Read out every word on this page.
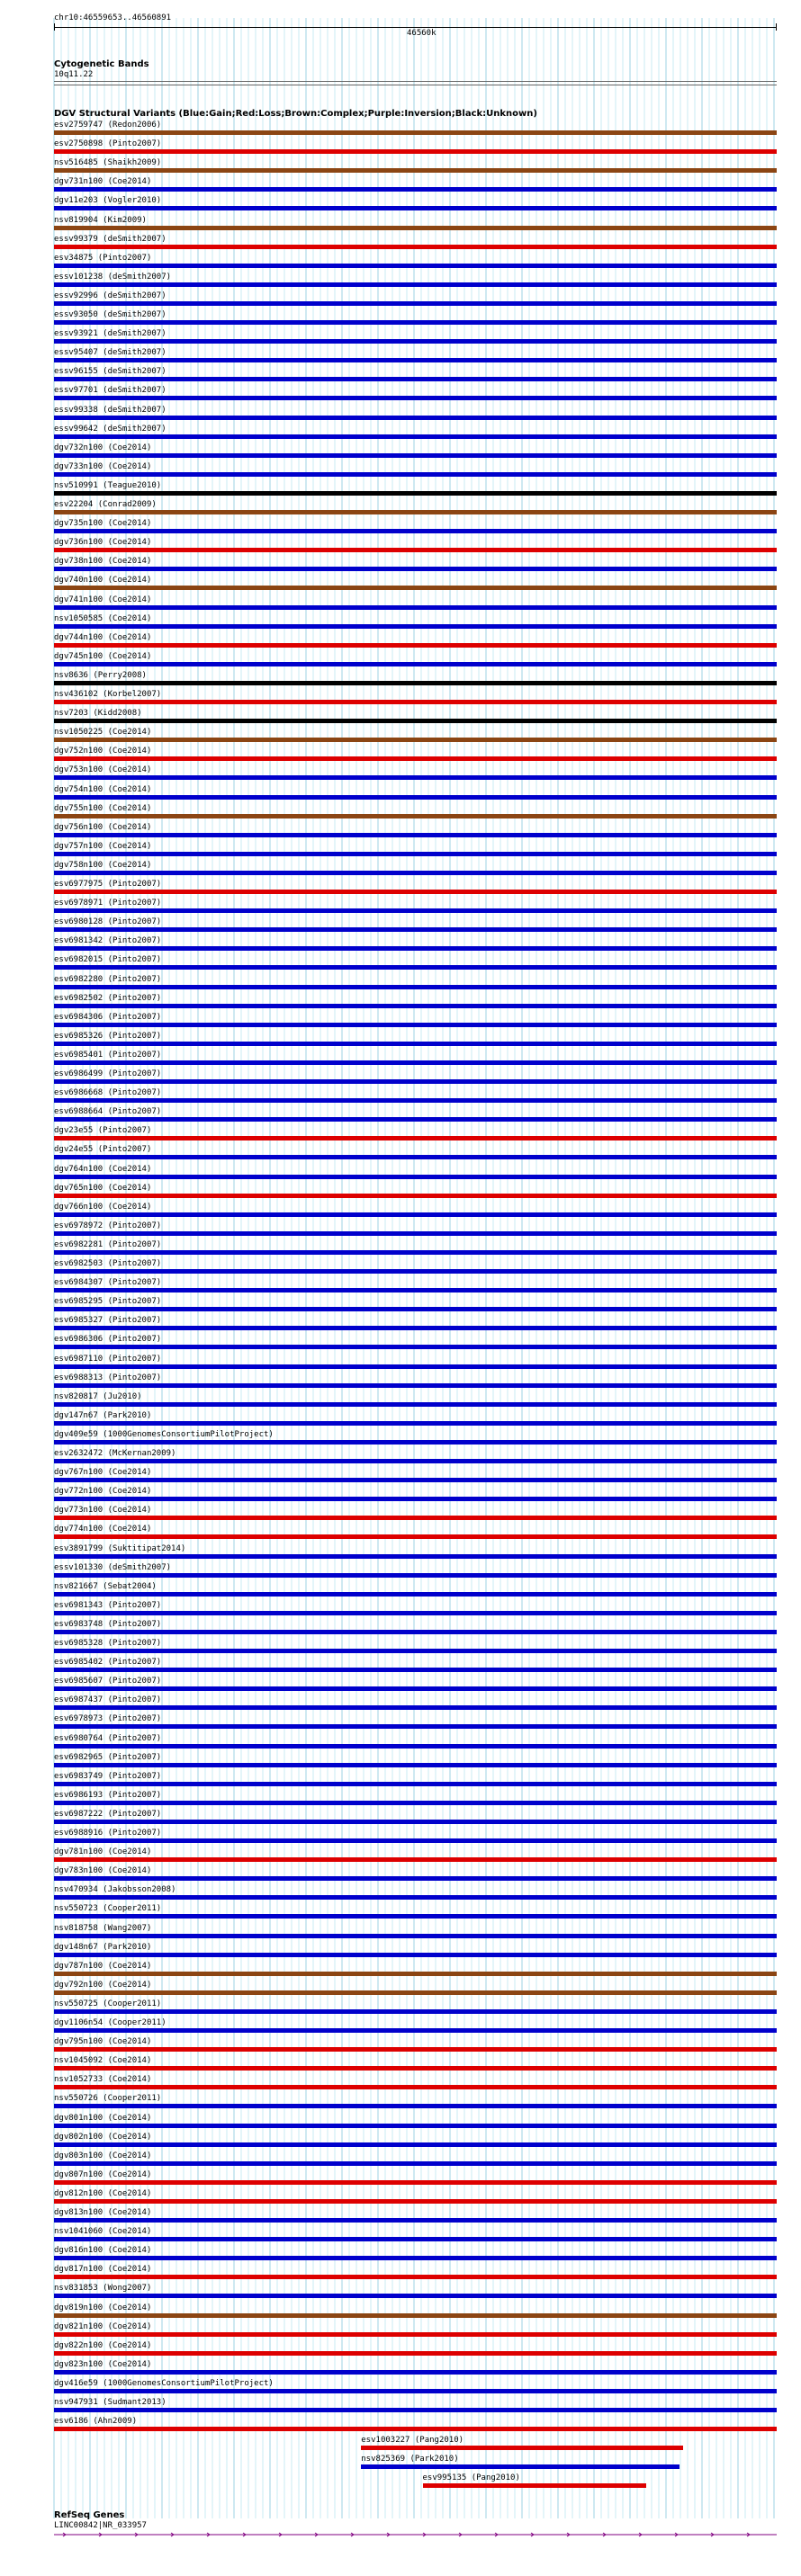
chr10:46559653..46560891
46560k
Cytogenetic Bands
10q11.22
DGV Structural Variants (Blue:Gain;Red:Loss;Brown:Complex;Purple:Inversion;Black:Unknown)
esv2759747 (Redon2006)
esv2750898 (Pinto2007)
nsv516485 (Shaikh2009)
dgv731n100 (Coe2014)
dgv11e203 (Vogler2010)
nsv819904 (Kim2009)
essv99379 (deSmith2007)
esv34875 (Pinto2007)
essv101238 (deSmith2007)
essv92996 (deSmith2007)
essv93050 (deSmith2007)
essv93921 (deSmith2007)
essv95407 (deSmith2007)
essv96155 (deSmith2007)
essv97701 (deSmith2007)
essv99338 (deSmith2007)
essv99642 (deSmith2007)
dgv732n100 (Coe2014)
dgv733n100 (Coe2014)
nsv510991 (Teague2010)
esv22204 (Conrad2009)
dgv735n100 (Coe2014)
dgv736n100 (Coe2014)
dgv738n100 (Coe2014)
dgv740n100 (Coe2014)
dgv741n100 (Coe2014)
nsv1050585 (Coe2014)
dgv744n100 (Coe2014)
dgv745n100 (Coe2014)
nsv8636 (Perry2008)
nsv436102 (Korbel2007)
nsv7203 (Kidd2008)
nsv1050225 (Coe2014)
dgv752n100 (Coe2014)
dgv753n100 (Coe2014)
dgv754n100 (Coe2014)
dgv755n100 (Coe2014)
dgv756n100 (Coe2014)
dgv757n100 (Coe2014)
dgv758n100 (Coe2014)
esv6977975 (Pinto2007)
esv6978971 (Pinto2007)
esv6980128 (Pinto2007)
esv6981342 (Pinto2007)
esv6982015 (Pinto2007)
esv6982280 (Pinto2007)
esv6982502 (Pinto2007)
esv6984306 (Pinto2007)
esv6985326 (Pinto2007)
esv6985401 (Pinto2007)
esv6986499 (Pinto2007)
esv6986668 (Pinto2007)
esv6988664 (Pinto2007)
dgv23e55 (Pinto2007)
dgv24e55 (Pinto2007)
dgv764n100 (Coe2014)
dgv765n100 (Coe2014)
dgv766n100 (Coe2014)
esv6978972 (Pinto2007)
esv6982281 (Pinto2007)
esv6982503 (Pinto2007)
esv6984307 (Pinto2007)
esv6985295 (Pinto2007)
esv6985327 (Pinto2007)
esv6986306 (Pinto2007)
esv6987110 (Pinto2007)
esv6988313 (Pinto2007)
nsv820817 (Ju2010)
dgv147n67 (Park2010)
dgv409e59 (1000GenomesConsortiumPilotProject)
esv2632472 (McKernan2009)
dgv767n100 (Coe2014)
dgv772n100 (Coe2014)
dgv773n100 (Coe2014)
dgv774n100 (Coe2014)
esv3891799 (Suktitipat2014)
essv101330 (deSmith2007)
nsv821667 (Sebat2004)
esv6981343 (Pinto2007)
esv6983748 (Pinto2007)
esv6985328 (Pinto2007)
esv6985402 (Pinto2007)
esv6985607 (Pinto2007)
esv6987437 (Pinto2007)
esv6978973 (Pinto2007)
esv6980764 (Pinto2007)
esv6982965 (Pinto2007)
esv6983749 (Pinto2007)
esv6986193 (Pinto2007)
esv6987222 (Pinto2007)
esv6988916 (Pinto2007)
dgv781n100 (Coe2014)
dgv783n100 (Coe2014)
nsv470934 (Jakobsson2008)
nsv550723 (Cooper2011)
nsv818758 (Wang2007)
dgv148n67 (Park2010)
dgv787n100 (Coe2014)
dgv792n100 (Coe2014)
nsv550725 (Cooper2011)
dgv1106n54 (Cooper2011)
dgv795n100 (Coe2014)
nsv1045092 (Coe2014)
nsv1052733 (Coe2014)
nsv550726 (Cooper2011)
dgv801n100 (Coe2014)
dgv802n100 (Coe2014)
dgv803n100 (Coe2014)
dgv807n100 (Coe2014)
dgv812n100 (Coe2014)
dgv813n100 (Coe2014)
nsv1041060 (Coe2014)
dgv816n100 (Coe2014)
dgv817n100 (Coe2014)
nsv831853 (Wong2007)
dgv819n100 (Coe2014)
dgv821n100 (Coe2014)
dgv822n100 (Coe2014)
dgv823n100 (Coe2014)
dgv416e59 (1000GenomesConsortiumPilotProject)
nsv947931 (Sudmant2013)
esv6186 (Ahn2009)
esv1003227 (Pang2010)
nsv825369 (Park2010)
esv995135 (Pang2010)
RefSeq Genes
LINC00842|NR_033957
